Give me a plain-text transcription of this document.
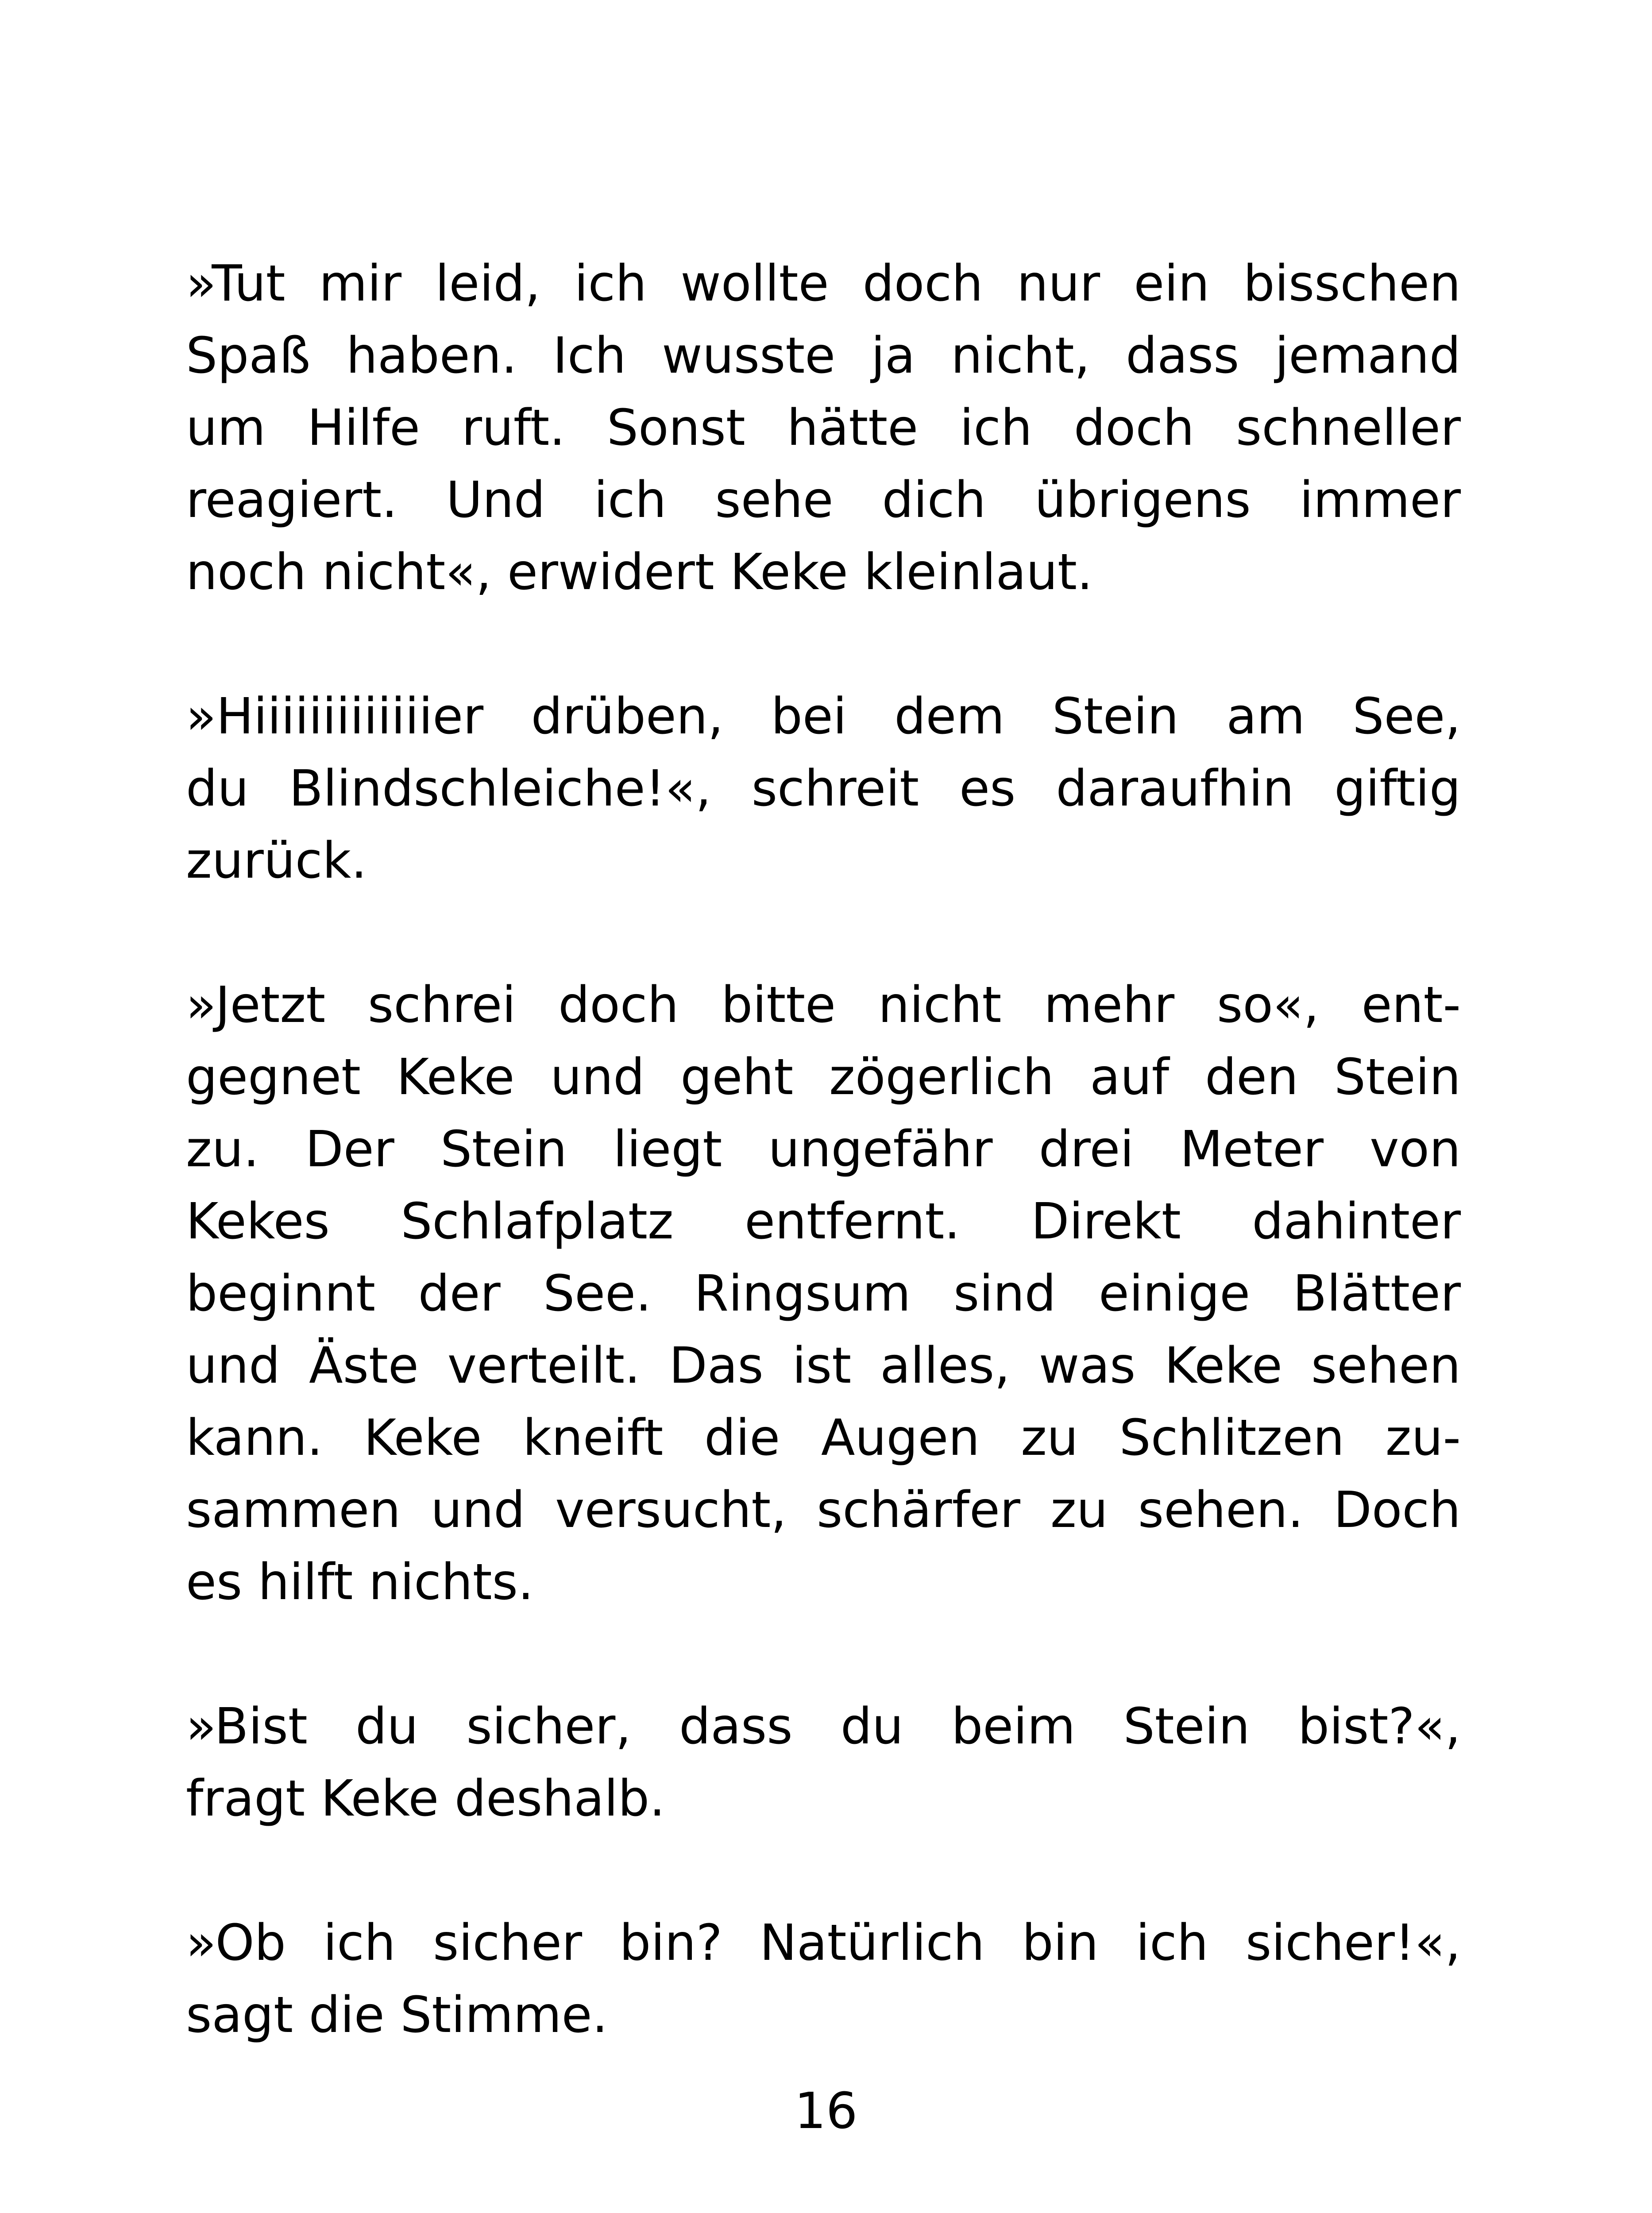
»Tut mir leid, ich wollte doch nur ein bisschen
Spaß haben. Ich wusste ja nicht, dass jemand
um Hilfe ruft. Sonst hätte ich doch schneller
reagiert. Und ich sehe dich übrigens immer
noch nicht«, erwidert Keke kleinlaut.

»Hiiiiiiiiiiiiier drüben, bei dem Stein am See,
du Blindschleiche!«, schreit es daraufhin giftig
zurück.

»Jetzt schrei doch bitte nicht mehr so«, ent-
gegnet Keke und geht zögerlich auf den Stein
zu. Der Stein liegt ungefähr drei Meter von
Kekes Schlafplatz entfernt. Direkt dahinter
beginnt der See. Ringsum sind einige Blätter
und Äste verteilt. Das ist alles, was Keke sehen
kann. Keke kneift die Augen zu Schlitzen zu-
sammen und versucht, schärfer zu sehen. Doch
es hilft nichts.

»Bist du sicher, dass du beim Stein bist?«,
fragt Keke deshalb.

»Ob ich sicher bin? Natürlich bin ich sicher!«,
sagt die Stimme.

16
